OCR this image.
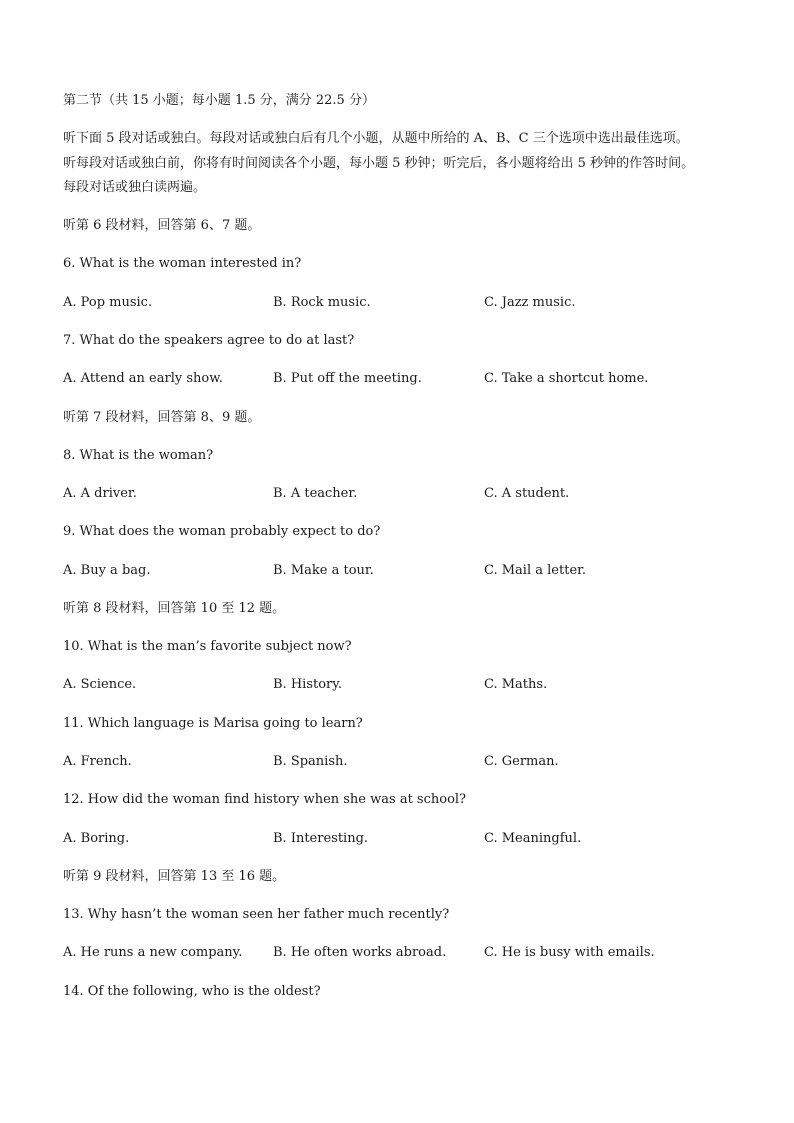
第二节（共 15 小题；每小题 1.5 分，满分 22.5 分）
听下面 5 段对话或独白。每段对话或独白后有几个小题，从题中所给的 A、B、C 三个选项中选出最佳选项。
听每段对话或独白前，你将有时间阅读各个小题，每小题 5 秒钟；听完后，各小题将给出 5 秒钟的作答时间。
每段对话或独白读两遍。
听第 6 段材料，回答第 6、7 题。
6. What is the woman interested in?
A. Pop music.	B. Rock music.	C. Jazz music.
7. What do the speakers agree to do at last?
A. Attend an early show.	B. Put off the meeting.	C. Take a shortcut home.
听第 7 段材料，回答第 8、9 题。
8. What is the woman?
A. A driver.	B. A teacher.	C. A student.
9. What does the woman probably expect to do?
A. Buy a bag.	B. Make a tour.	C. Mail a letter.
听第 8 段材料，回答第 10 至 12 题。
10. What is the man’s favorite subject now?
A. Science.	B. History.	C. Maths.
11. Which language is Marisa going to learn?
A. French.	B. Spanish.	C. German.
12. How did the woman find history when she was at school?
A. Boring.	B. Interesting.	C. Meaningful.
听第 9 段材料，回答第 13 至 16 题。
13. Why hasn’t the woman seen her father much recently?
A. He runs a new company. B. He often works abroad.	C. He is busy with emails.
14. Of the following, who is the oldest?
